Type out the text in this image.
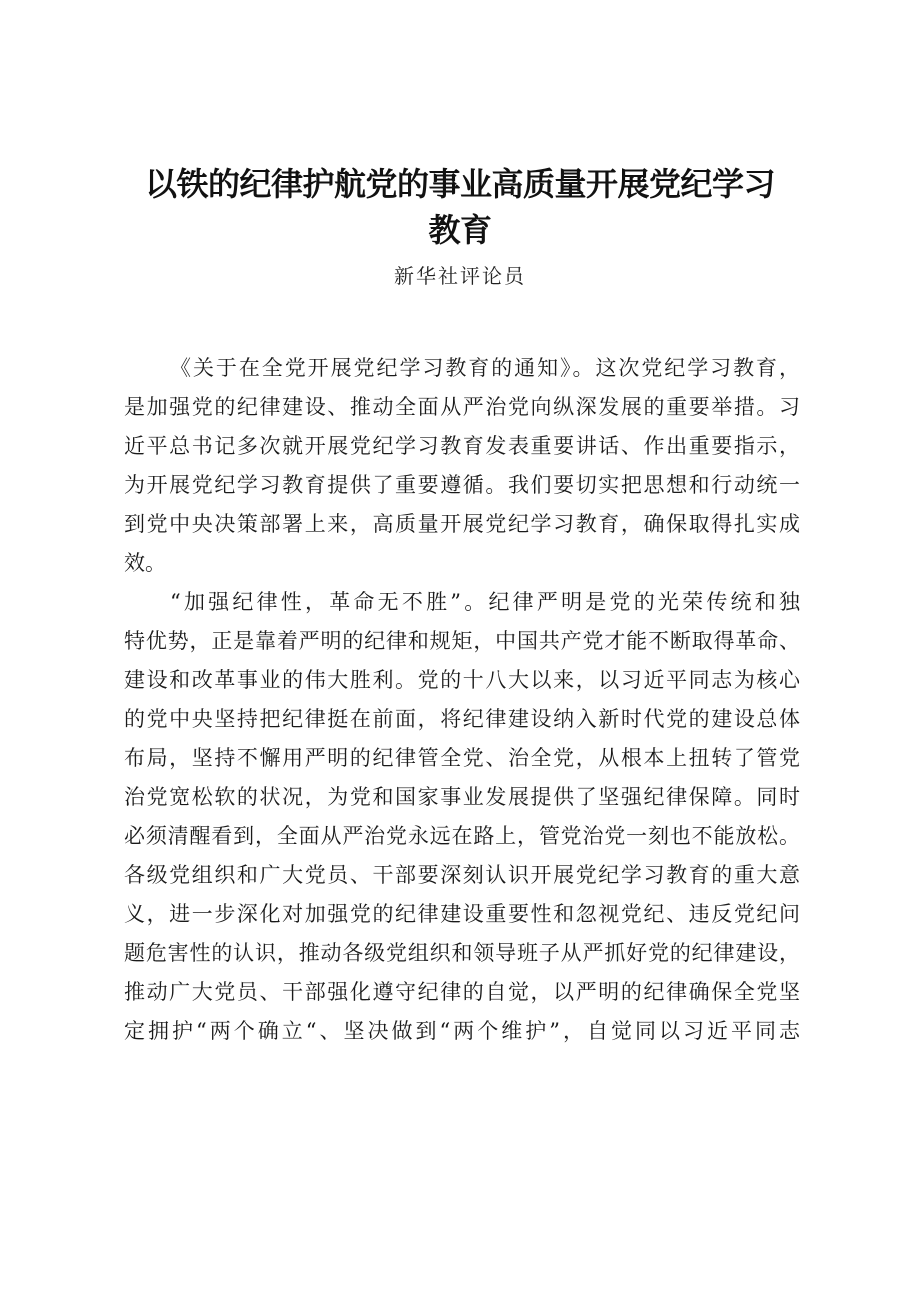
以铁的纪律护航党的事业高质量开展党纪学习
教育
新华社评论员
《关于在全党开展党纪学习教育的通知》。这次党纪学习教育，
是加强党的纪律建设、推动全面从严治党向纵深发展的重要举措。习
近平总书记多次就开展党纪学习教育发表重要讲话、作出重要指示，
为开展党纪学习教育提供了重要遵循。我们要切实把思想和行动统一
到党中央决策部署上来，高质量开展党纪学习教育，确保取得扎实成
效。
“加强纪律性，革命无不胜”。纪律严明是党的光荣传统和独
特优势，正是靠着严明的纪律和规矩，中国共产党才能不断取得革命、
建设和改革事业的伟大胜利。党的十八大以来，以习近平同志为核心
的党中央坚持把纪律挺在前面，将纪律建设纳入新时代党的建设总体
布局，坚持不懈用严明的纪律管全党、治全党，从根本上扭转了管党
治党宽松软的状况，为党和国家事业发展提供了坚强纪律保障。同时
必须清醒看到，全面从严治党永远在路上，管党治党一刻也不能放松。
各级党组织和广大党员、干部要深刻认识开展党纪学习教育的重大意
义，进一步深化对加强党的纪律建设重要性和忽视党纪、违反党纪问
题危害性的认识，推动各级党组织和领导班子从严抓好党的纪律建设，
推动广大党员、干部强化遵守纪律的自觉，以严明的纪律确保全党坚
定拥护“两个确立“、坚决做到“两个维护”，自觉同以习近平同志
